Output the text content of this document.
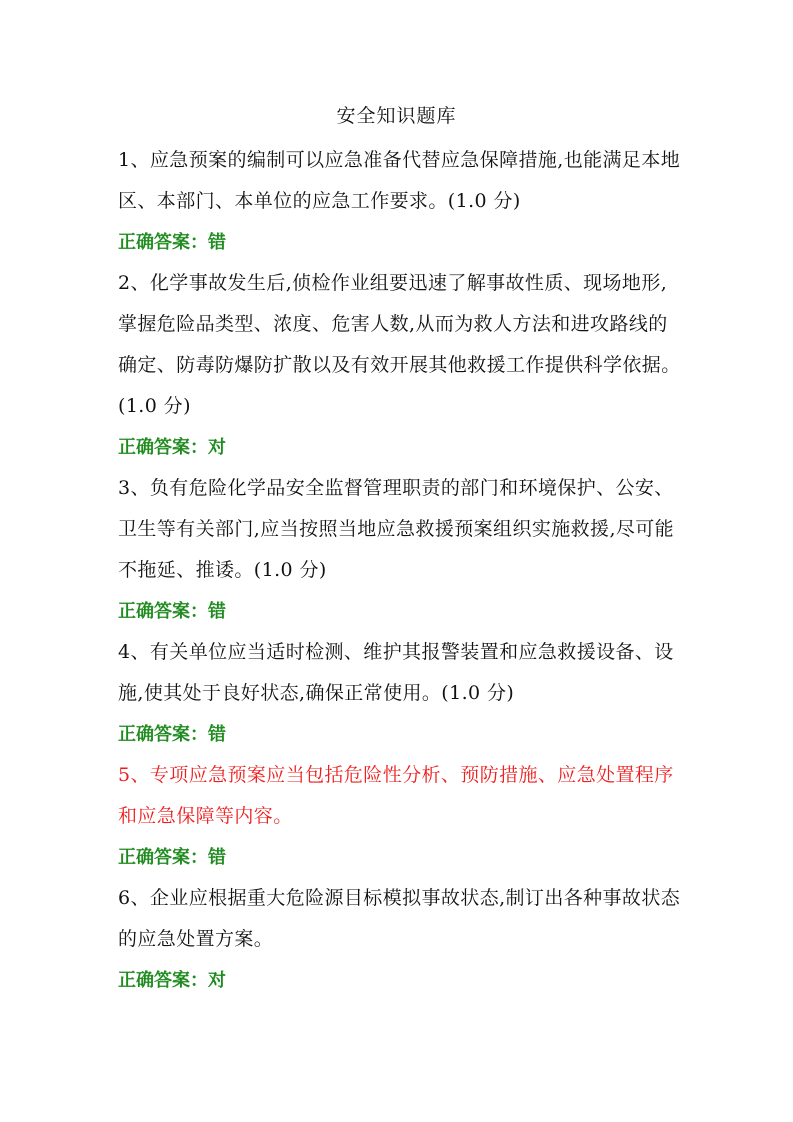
安全知识题库

1、应急预案的编制可以应急准备代替应急保障措施,也能满足本地区、本部门、本单位的应急工作要求。(1.0 分)

正确答案：错

2、化学事故发生后,侦检作业组要迅速了解事故性质、现场地形,掌握危险品类型、浓度、危害人数,从而为救人方法和进攻路线的确定、防毒防爆防扩散以及有效开展其他救援工作提供科学依据。(1.0 分)

正确答案：对

3、负有危险化学品安全监督管理职责的部门和环境保护、公安、卫生等有关部门,应当按照当地应急救援预案组织实施救援,尽可能不拖延、推诿。(1.0 分)

正确答案：错

4、有关单位应当适时检测、维护其报警装置和应急救援设备、设施,使其处于良好状态,确保正常使用。(1.0 分)

正确答案：错

5、专项应急预案应当包括危险性分析、预防措施、应急处置程序和应急保障等内容。

正确答案：错

6、企业应根据重大危险源目标模拟事故状态,制订出各种事故状态的应急处置方案。

正确答案：对
